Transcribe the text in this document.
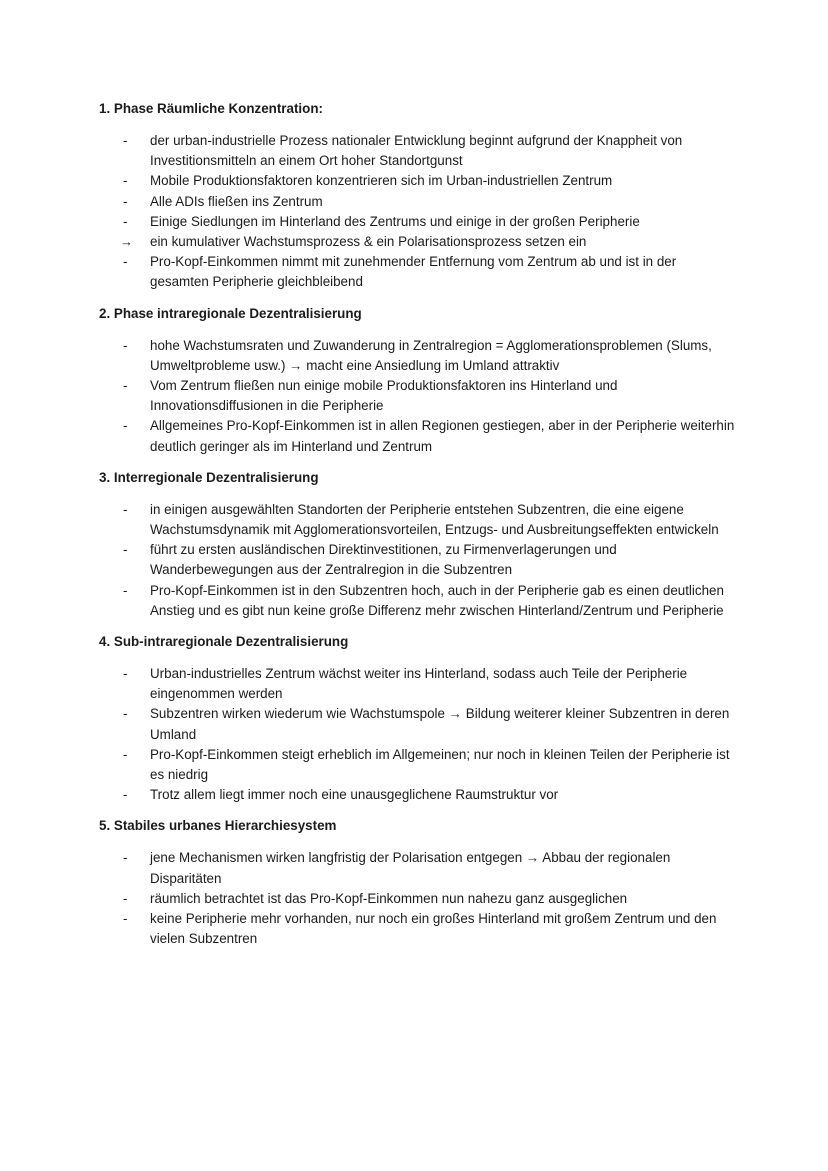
1. Phase Räumliche Konzentration:
-	der urban-industrielle Prozess nationaler Entwicklung beginnt aufgrund der Knappheit von Investitionsmitteln an einem Ort hoher Standortgunst
-	Mobile Produktionsfaktoren konzentrieren sich im Urban-industriellen Zentrum
-	Alle ADIs fließen ins Zentrum
-	Einige Siedlungen im Hinterland des Zentrums und einige in der großen Peripherie
→	ein kumulativer Wachstumsprozess & ein Polarisationsprozess setzen ein
-	Pro-Kopf-Einkommen nimmt mit zunehmender Entfernung vom Zentrum ab und ist in der gesamten Peripherie gleichbleibend
2. Phase intraregionale Dezentralisierung
-	hohe Wachstumsraten und Zuwanderung in Zentralregion = Agglomerationsproblemen (Slums, Umweltprobleme usw.) → macht eine Ansiedlung im Umland attraktiv
-	Vom Zentrum fließen nun einige mobile Produktionsfaktoren ins Hinterland und Innovationsdiffusionen in die Peripherie
-	Allgemeines Pro-Kopf-Einkommen ist in allen Regionen gestiegen, aber in der Peripherie weiterhin deutlich geringer als im Hinterland und Zentrum
3. Interregionale Dezentralisierung
-	in einigen ausgewählten Standorten der Peripherie entstehen Subzentren, die eine eigene Wachstumsdynamik mit Agglomerationsvorteilen, Entzugs- und Ausbreitungseffekten entwickeln
-	führt zu ersten ausländischen Direktinvestitionen, zu Firmenverlagerungen und Wanderbewegungen aus der Zentralregion in die Subzentren
-	Pro-Kopf-Einkommen ist in den Subzentren hoch, auch in der Peripherie gab es einen deutlichen Anstieg und es gibt nun keine große Differenz mehr zwischen Hinterland/Zentrum und Peripherie
4. Sub-intraregionale Dezentralisierung
-	Urban-industrielles Zentrum wächst weiter ins Hinterland, sodass auch Teile der Peripherie eingenommen werden
-	Subzentren wirken wiederum wie Wachstumspole → Bildung weiterer kleiner Subzentren in deren Umland
-	Pro-Kopf-Einkommen steigt erheblich im Allgemeinen; nur noch in kleinen Teilen der Peripherie ist es niedrig
-	Trotz allem liegt immer noch eine unausgeglichene Raumstruktur vor
5. Stabiles urbanes Hierarchiesystem
-	jene Mechanismen wirken langfristig der Polarisation entgegen → Abbau der regionalen Disparitäten
-	räumlich betrachtet ist das Pro-Kopf-Einkommen nun nahezu ganz ausgeglichen
-	keine Peripherie mehr vorhanden, nur noch ein großes Hinterland mit großem Zentrum und den vielen Subzentren
